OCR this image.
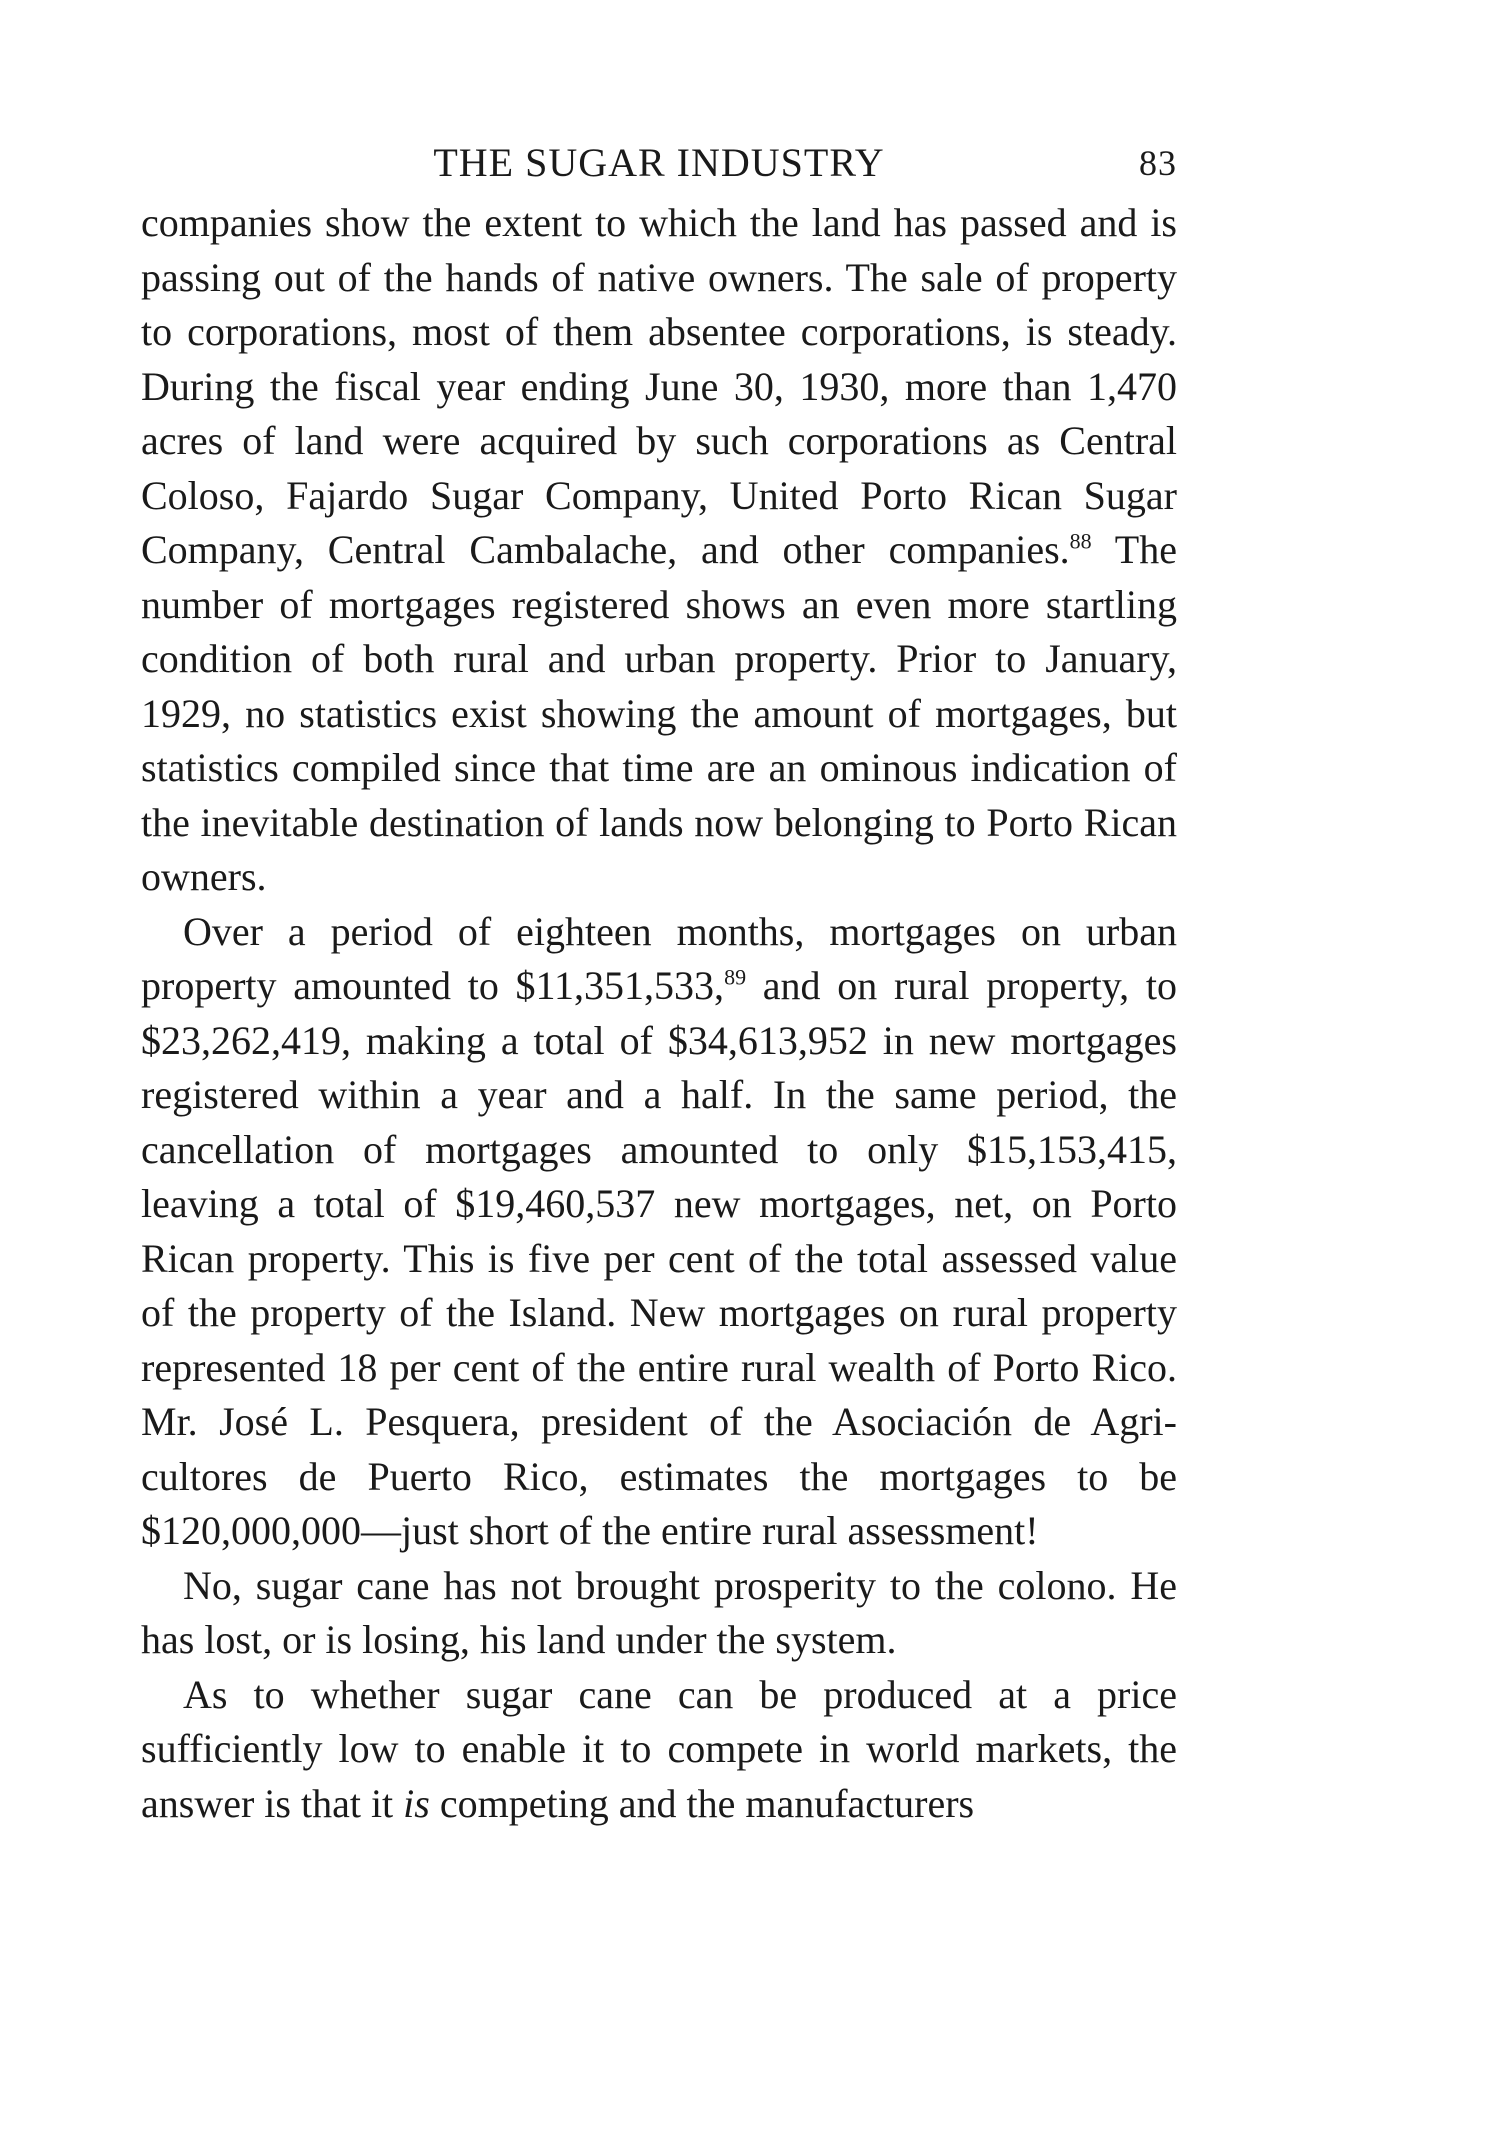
THE SUGAR INDUSTRY	83

companies show the extent to which the land has passed and is passing out of the hands of native owners. The sale of property to corporations, most of them absentee corporations, is steady. During the fiscal year ending June 30, 1930, more than 1,470 acres of land were acquired by such corporations as Central Coloso, Fajardo Sugar Company, United Porto Rican Sugar Company, Central Cambalache, and other companies.$^{88}$ The number of mortgages registered shows an even more startling condition of both rural and urban property. Prior to January, 1929, no statistics exist showing the amount of mortgages, but statistics compiled since that time are an ominous indication of the inevitable destination of lands now belonging to Porto Rican owners.

Over a period of eighteen months, mortgages on urban property amounted to $11,351,533,89 and on rural property, to $23,262,419, making a total of $34,613,952 in new mortgages registered within a year and a half. In the same period, the cancellation of mortgages amounted to only $15,153,415, leaving a total of $19,460,537 new mortgages, net, on Porto Rican property. This is five per cent of the total assessed value of the property of the Island. New mortgages on rural property represented 18 per cent of the entire rural wealth of Porto Rico. Mr. José L. Pesquera, president of the Asociación de Agricultores de Puerto Rico, estimates the mortgages to be $120,000,000—just short of the entire rural assessment!

No, sugar cane has not brought prosperity to the colono. He has lost, or is losing, his land under the system.

As to whether sugar cane can be produced at a price sufficiently low to enable it to compete in world markets, the answer is that it is competing and the manufacturers
